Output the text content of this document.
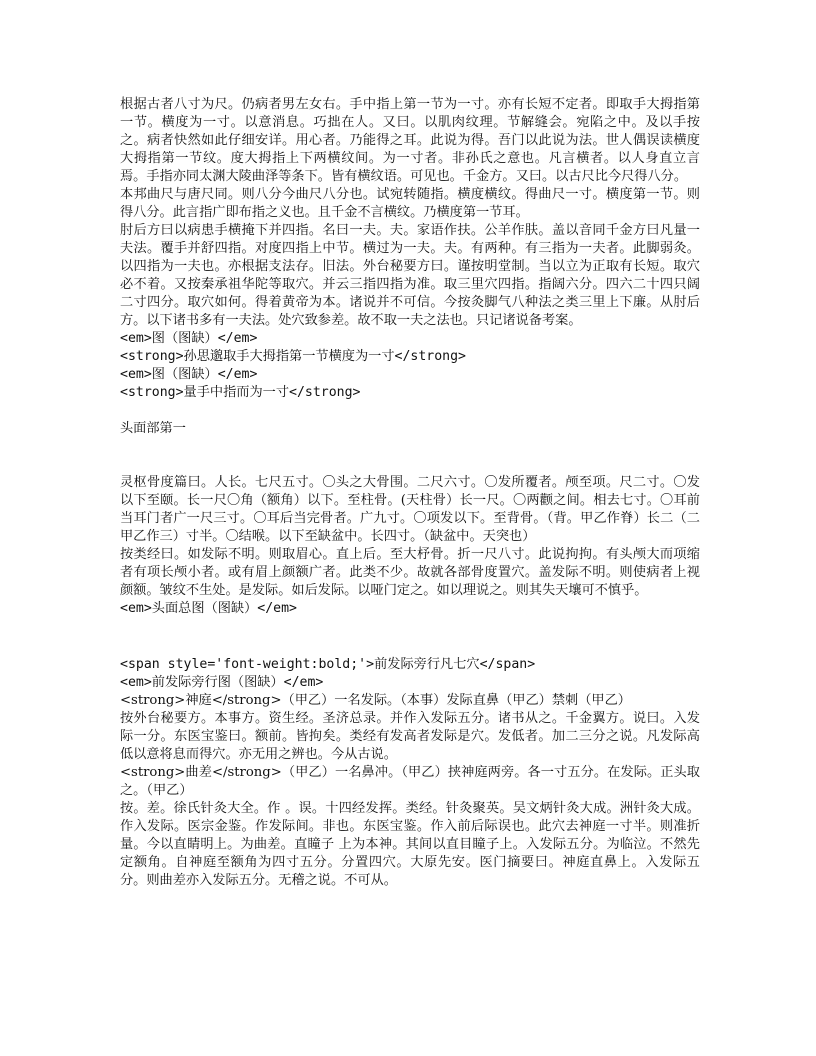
根据古者八寸为尺。仍病者男左女右。手中指上第一节为一寸。亦有长短不定者。即取手大拇指第一节。横度为一寸。以意消息。巧拙在人。又曰。以肌肉纹理。节解缝会。宛陷之中。及以手按之。病者快然如此仔细安详。用心者。乃能得之耳。此说为得。吾门以此说为法。世人偶误读横度大拇指第一节纹。度大拇指上下两横纹间。为一寸者。非孙氏之意也。凡言横者。以人身直立言焉。手指亦同太渊大陵曲泽等条下。皆有横纹语。可见也。千金方。又曰。以古尺比今尺得八分。

本邦曲尺与唐尺同。则八分今曲尺八分也。试宛转随指。横度横纹。得曲尺一寸。横度第一节。则得八分。此言指广即布指之义也。且千金不言横纹。乃横度第一节耳。

肘后方曰以病患手横掩下并四指。名曰一夫。夫。家语作扶。公羊作肤。盖以音同千金方曰凡量一夫法。覆手并舒四指。对度四指上中节。横过为一夫。夫。有两种。有三指为一夫者。此脚弱灸。以四指为一夫也。亦根据支法存。旧法。外台秘要方曰。谨按明堂制。当以立为正取有长短。取穴必不着。又按秦承祖华陀等取穴。并云三指四指为准。取三里穴四指。指阔六分。四六二十四只阔二寸四分。取穴如何。得着黄帝为本。诸说并不可信。今按灸脚气八种法之类三里上下廉。从肘后方。以下诸书多有一夫法。处穴致参差。故不取一夫之法也。只记诸说备考案。

<em>图（图缺）</em>

<strong>孙思邈取手大拇指第一节横度为一寸</strong>

<em>图（图缺）</em>

<strong>量手中指而为一寸</strong>

头面部第一

灵枢骨度篇曰。人长。七尺五寸。〇头之大骨围。二尺六寸。〇发所覆者。颅至项。尺二寸。〇发以下至颐。长一尺〇角（额角）以下。至柱骨。(天柱骨）长一尺。〇两颧之间。相去七寸。〇耳前当耳门者广一尺三寸。〇耳后当完骨者。广九寸。〇项发以下。至背骨。（背。甲乙作脊）长二（二甲乙作三）寸半。〇结喉。以下至缺盆中。长四寸。（缺盆中。天突也）

按类经曰。如发际不明。则取眉心。直上后。至大杼骨。折一尺八寸。此说拘拘。有头颅大而项缩者有项长颅小者。或有眉上颜额广者。此类不少。故就各部骨度置穴。盖发际不明。则使病者上视颜额。皱纹不生处。是发际。如后发际。以哑门定之。如以理说之。则其失天壤可不慎乎。

<em>头面总图（图缺）</em>

<span style='font-weight:bold;'>前发际旁行凡七穴</span>

<em>前发际旁行图（图缺）</em>

<strong>神庭</strong>（甲乙）一名发际。（本事）发际直鼻（甲乙）禁刺（甲乙）

按外台秘要方。本事方。资生经。圣济总录。并作入发际五分。诸书从之。千金翼方。说曰。入发际一分。东医宝鉴曰。额前。皆拘矣。类经有发高者发际是穴。发低者。加二三分之说。凡发际高低以意将息而得穴。亦无用之辨也。今从古说。

<strong>曲差</strong>（甲乙）一名鼻冲。（甲乙）挟神庭两旁。各一寸五分。在发际。正头取之。（甲乙）

按。差。徐氏针灸大全。作 。误。十四经发挥。类经。针灸聚英。吴文炳针灸大成。洲针灸大成。作入发际。医宗金鉴。作发际间。非也。东医宝鉴。作入前后际误也。此穴去神庭一寸半。则准折量。今以直睛明上。为曲差。直瞳子 上为本神。其间以直目瞳子上。入发际五分。为临泣。不然先定额角。自神庭至额角为四寸五分。分置四穴。大原先安。医门摘要曰。神庭直鼻上。入发际五分。则曲差亦入发际五分。无稽之说。不可从。
